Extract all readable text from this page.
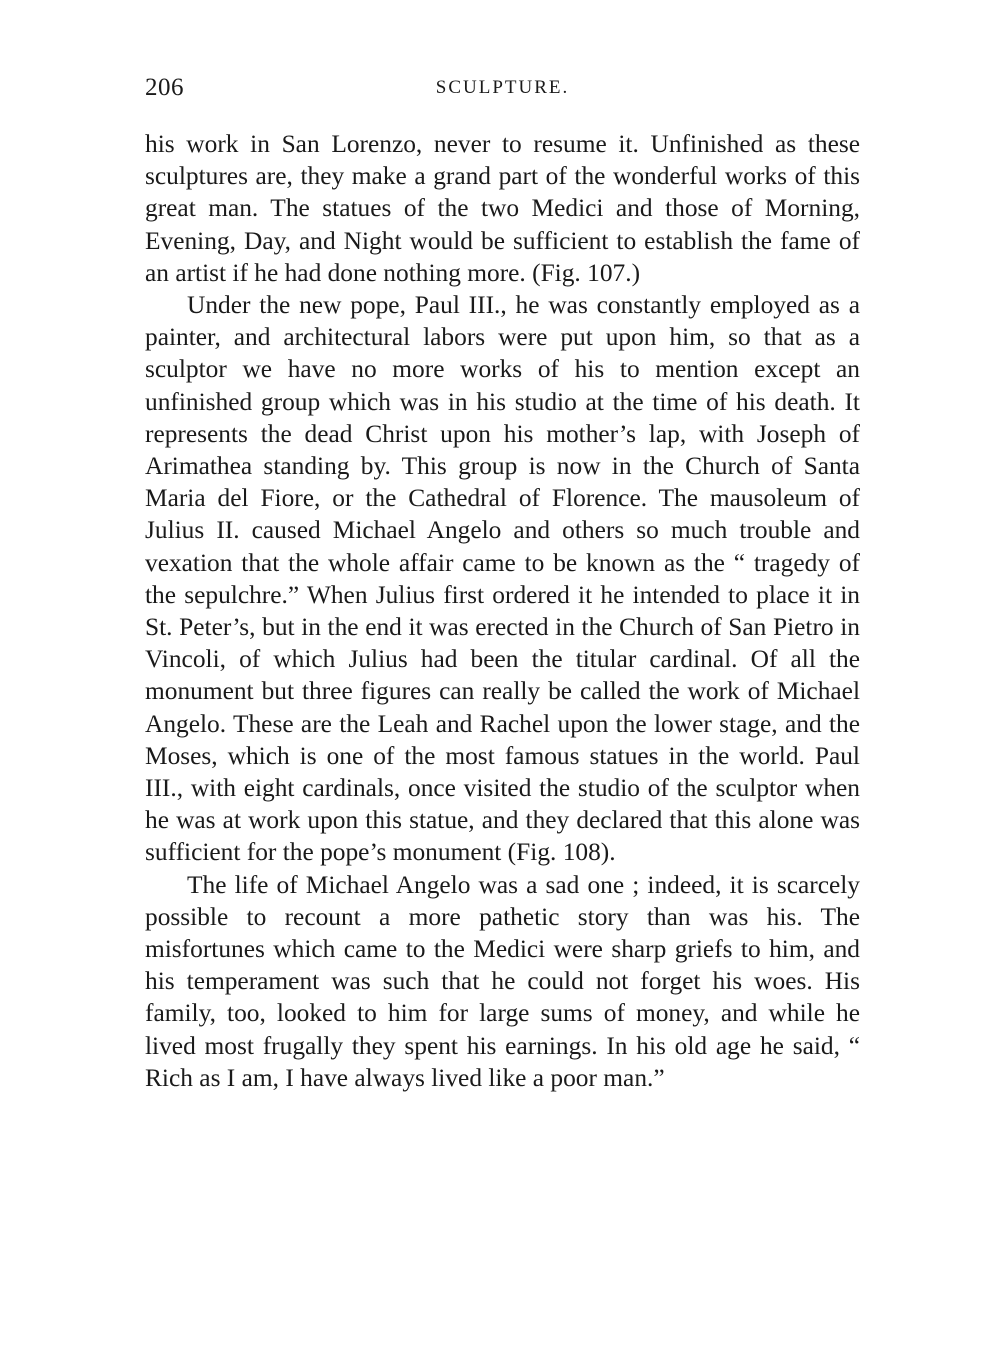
206	SCULPTURE.

his work in San Lorenzo, never to resume it. Unfinished as these sculptures are, they make a grand part of the wonderful works of this great man. The statues of the two Medici and those of Morning, Evening, Day, and Night would be sufficient to establish the fame of an artist if he had done nothing more. (Fig. 107.)

Under the new pope, Paul III., he was constantly employed as a painter, and architectural labors were put upon him, so that as a sculptor we have no more works of his to mention except an unfinished group which was in his studio at the time of his death. It represents the dead Christ upon his mother’s lap, with Joseph of Arimathea standing by. This group is now in the Church of Santa Maria del Fiore, or the Cathedral of Florence. The mausoleum of Julius II. caused Michael Angelo and others so much trouble and vexation that the whole affair came to be known as the “ tragedy of the sepulchre.” When Julius first ordered it he intended to place it in St. Peter’s, but in the end it was erected in the Church of San Pietro in Vincoli, of which Julius had been the titular cardinal. Of all the monument but three figures can really be called the work of Michael Angelo. These are the Leah and Rachel upon the lower stage, and the Moses, which is one of the most famous statues in the world. Paul III., with eight cardinals, once visited the studio of the sculptor when he was at work upon this statue, and they declared that this alone was sufficient for the pope’s monument (Fig. 108).

The life of Michael Angelo was a sad one ; indeed, it is scarcely possible to recount a more pathetic story than was his. The misfortunes which came to the Medici were sharp griefs to him, and his temperament was such that he could not forget his woes. His family, too, looked to him for large sums of money, and while he lived most frugally they spent his earnings. In his old age he said, “ Rich as I am, I have always lived like a poor man.”
